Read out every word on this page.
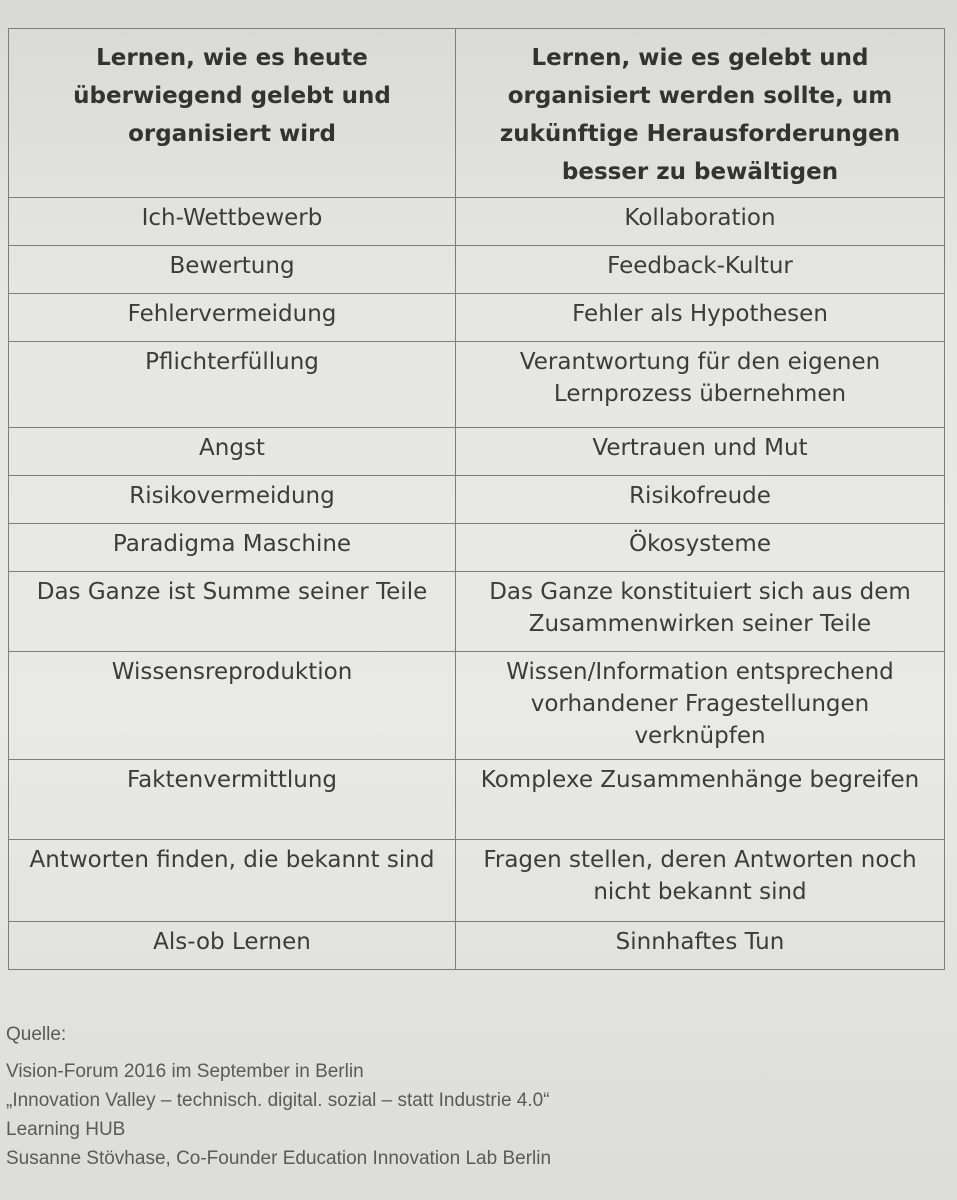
Lernen, wie es heute überwiegend gelebt und organisiert wird	Lernen, wie es gelebt und organisiert werden sollte, um zukünftige Herausforderungen besser zu bewältigen
Ich-Wettbewerb	Kollaboration
Bewertung	Feedback-Kultur
Fehlervermeidung	Fehler als Hypothesen
Pflichterfüllung	Verantwortung für den eigenen Lernprozess übernehmen
Angst	Vertrauen und Mut
Risikovermeidung	Risikofreude
Paradigma Maschine	Ökosysteme
Das Ganze ist Summe seiner Teile	Das Ganze konstituiert sich aus dem Zusammenwirken seiner Teile
Wissensreproduktion	Wissen/Information entsprechend vorhandener Fragestellungen verknüpfen
Faktenvermittlung	Komplexe Zusammenhänge begreifen
Antworten finden, die bekannt sind	Fragen stellen, deren Antworten noch nicht bekannt sind
Als-ob Lernen	Sinnhaftes Tun
Quelle:
Vision-Forum 2016 im September in Berlin
„Innovation Valley – technisch. digital. sozial – statt Industrie 4.0“
Learning HUB
Susanne Stövhase, Co-Founder Education Innovation Lab Berlin
